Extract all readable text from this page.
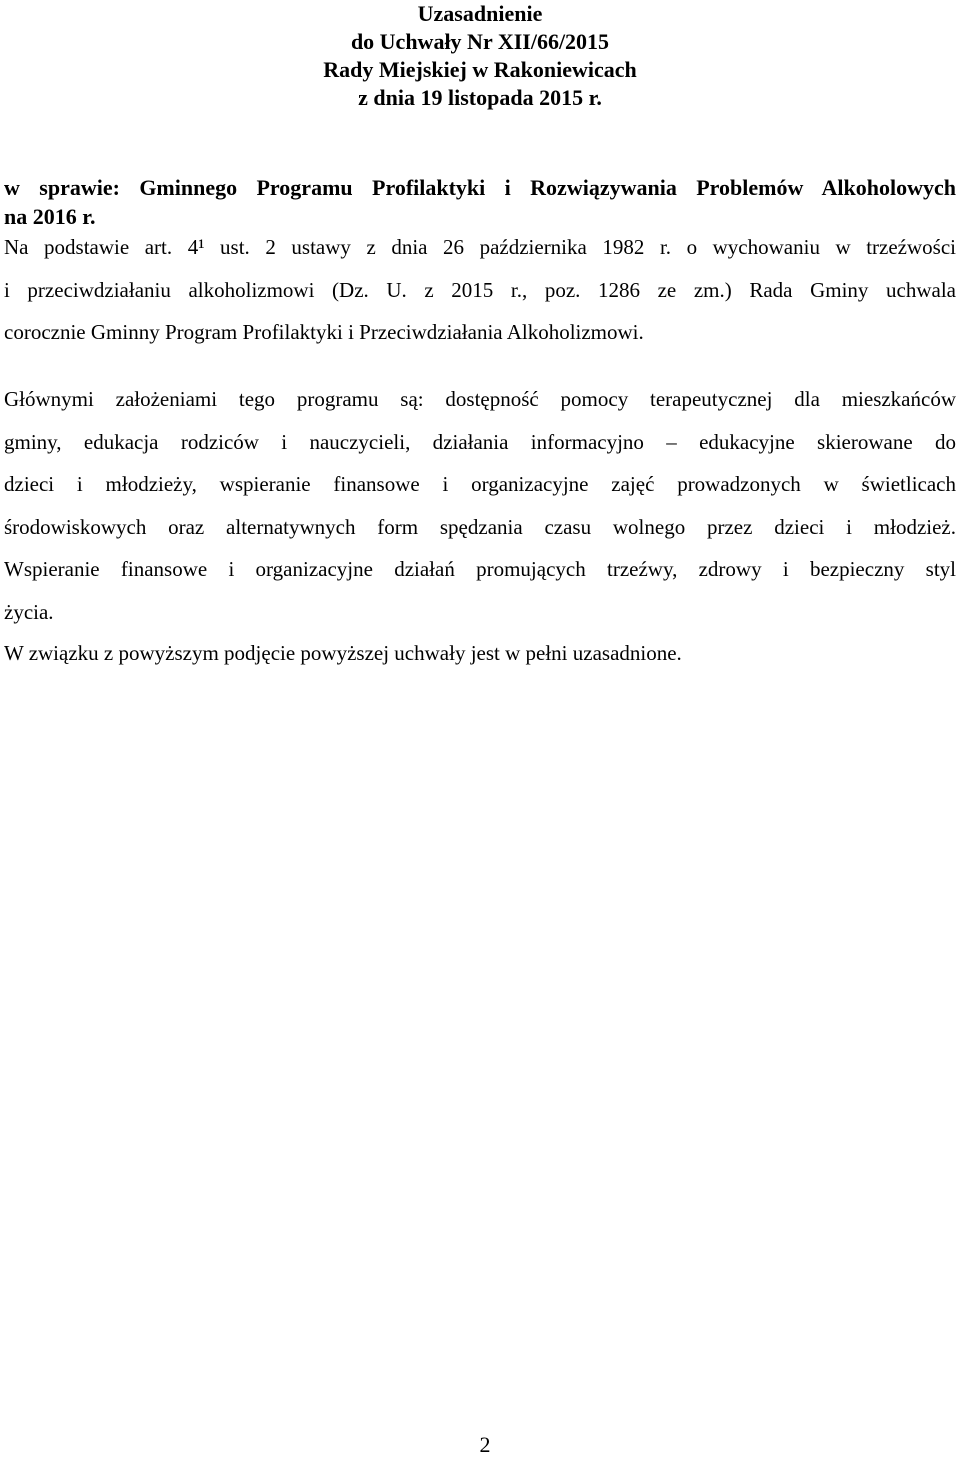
Uzasadnienie
do Uchwały Nr XII/66/2015
Rady Miejskiej w Rakoniewicach
z dnia 19 listopada 2015 r.
w sprawie: Gminnego Programu Profilaktyki i Rozwiązywania Problemów Alkoholowych
na 2016 r.
Na podstawie art. 4¹ ust. 2 ustawy z dnia 26 października 1982 r. o wychowaniu w trzeźwości
i przeciwdziałaniu alkoholizmowi (Dz. U. z 2015 r., poz. 1286 ze zm.) Rada Gminy uchwala
corocznie Gminny Program Profilaktyki i Przeciwdziałania Alkoholizmowi.
Głównymi założeniami tego programu są: dostępność pomocy terapeutycznej dla mieszkańców
gminy, edukacja rodziców i nauczycieli, działania informacyjno – edukacyjne skierowane do
dzieci i młodzieży, wspieranie finansowe i organizacyjne zajęć prowadzonych w świetlicach
środowiskowych oraz alternatywnych form spędzania czasu wolnego przez dzieci i młodzież.
Wspieranie finansowe i organizacyjne działań promujących trzeźwy, zdrowy i bezpieczny styl
życia.
W związku z powyższym podjęcie powyższej uchwały jest w pełni uzasadnione.
2
